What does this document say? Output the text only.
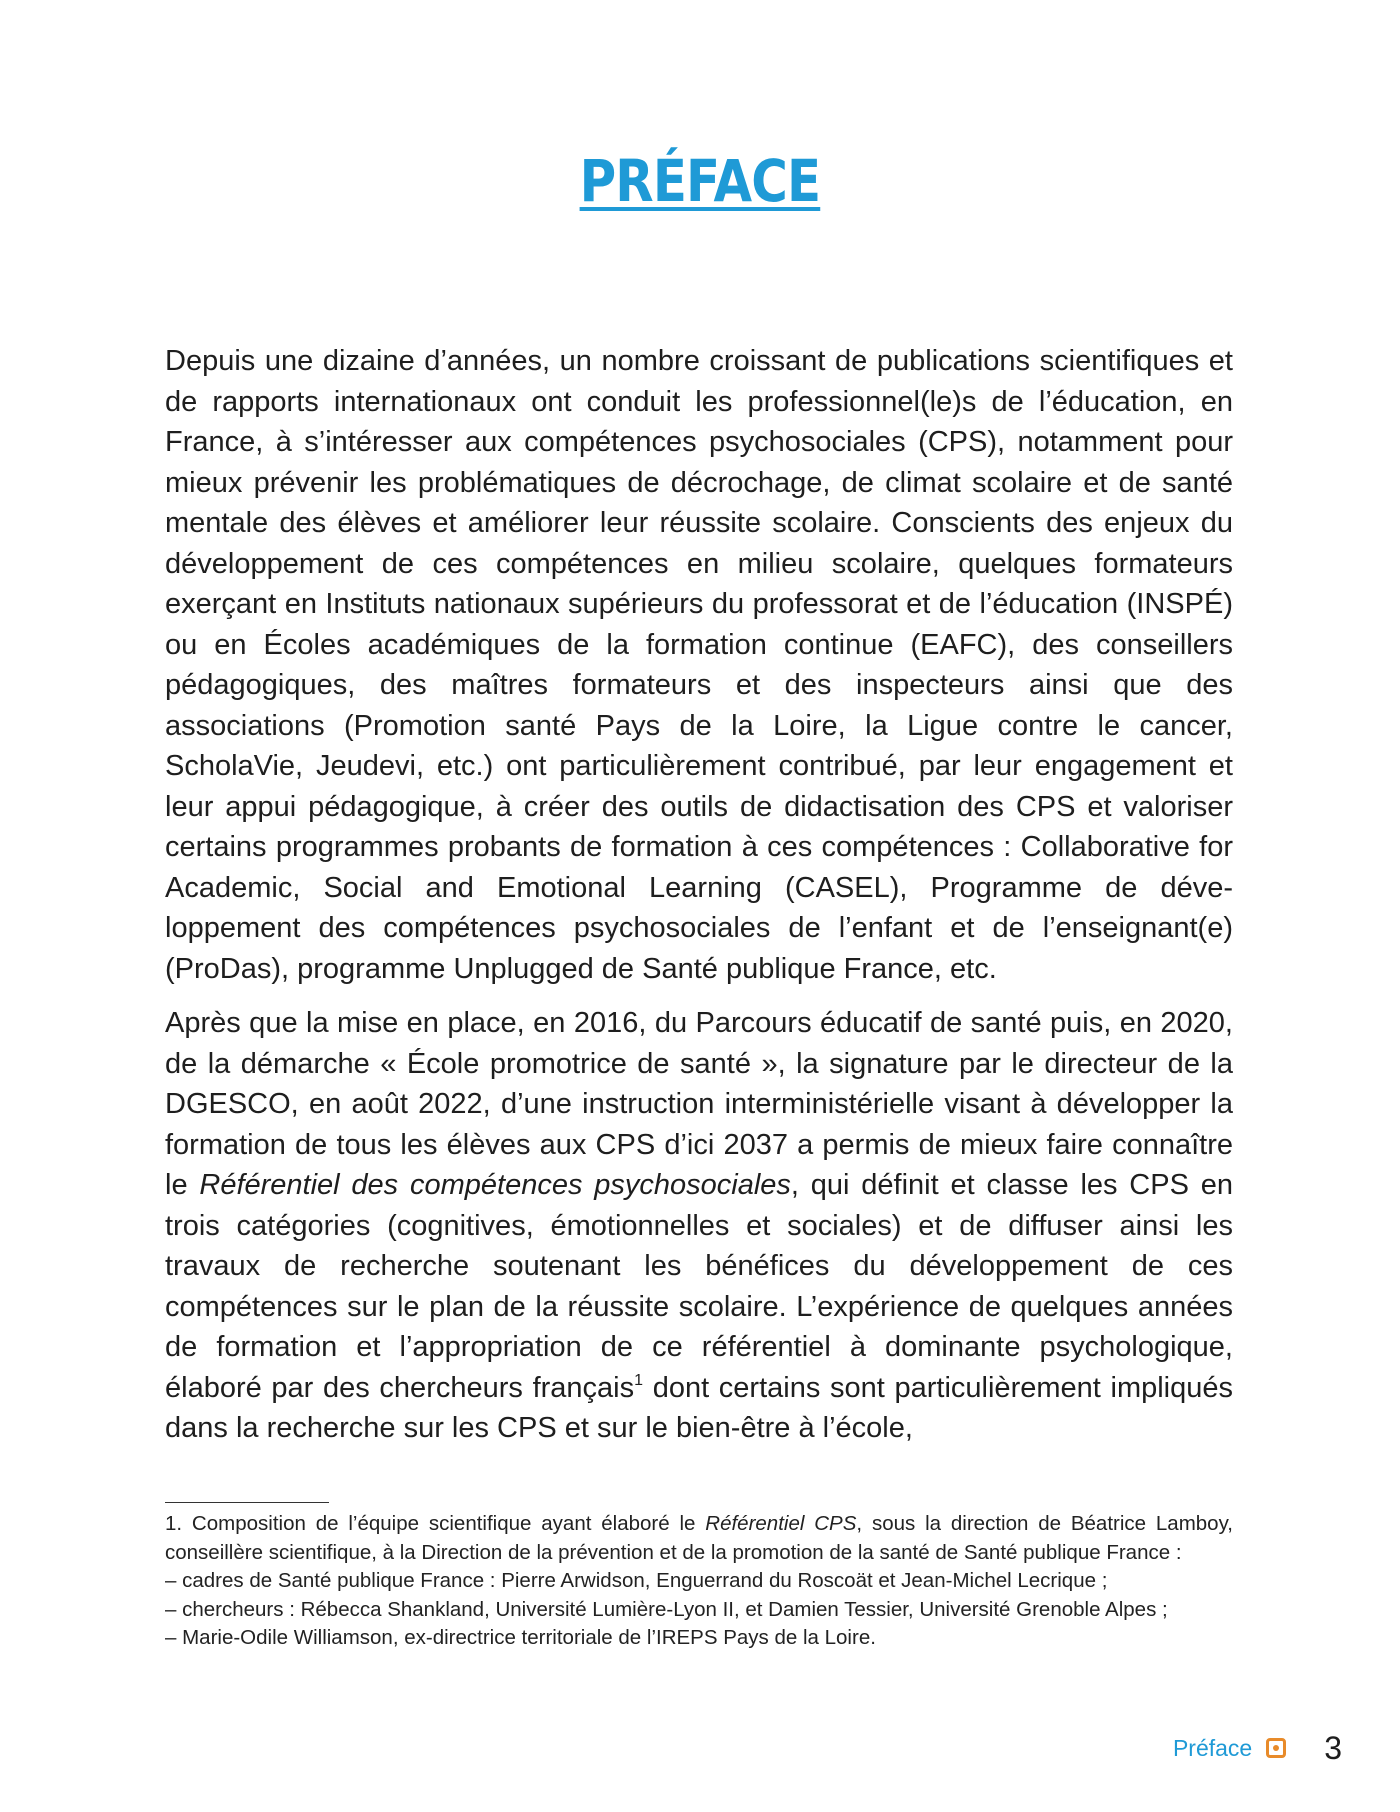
PRÉFACE

Depuis une dizaine d’années, un nombre croissant de publications scientifiques et de rapports internationaux ont conduit les professionnel(le)s de l’éducation, en France, à s’intéresser aux compétences psychosociales (CPS), notamment pour mieux prévenir les problématiques de décrochage, de climat scolaire et de santé mentale des élèves et améliorer leur réussite scolaire. Conscients des enjeux du développement de ces compétences en milieu scolaire, quelques formateurs exerçant en Instituts nationaux supérieurs du professorat et de l’éducation (INSPÉ) ou en Écoles académiques de la formation continue (EAFC), des conseillers pédagogiques, des maîtres formateurs et des inspecteurs ainsi que des associations (Promotion santé Pays de la Loire, la Ligue contre le cancer, ScholaVie, Jeudevi, etc.) ont particulièrement contribué, par leur engagement et leur appui pédagogique, à créer des outils de didactisation des CPS et valoriser certains programmes probants de formation à ces compétences : Collaborative for Academic, Social and Emotional Learning (CASEL), Programme de développement des compétences psychosociales de l’enfant et de l’enseignant(e) (ProDas), programme Unplugged de Santé publique France, etc.

Après que la mise en place, en 2016, du Parcours éducatif de santé puis, en 2020, de la démarche « École promotrice de santé », la signature par le directeur de la DGESCO, en août 2022, d’une instruction interministérielle visant à développer la formation de tous les élèves aux CPS d’ici 2037 a permis de mieux faire connaître le Référentiel des compétences psychosociales, qui définit et classe les CPS en trois catégories (cognitives, émotionnelles et sociales) et de diffuser ainsi les travaux de recherche soutenant les bénéfices du développement de ces compétences sur le plan de la réussite scolaire. L’expérience de quelques années de formation et l’appropriation de ce référentiel à dominante psychologique, élaboré par des chercheurs français$^1$ dont certains sont particulièrement impliqués dans la recherche sur les CPS et sur le bien-être à l’école,

1. Composition de l’équipe scientifique ayant élaboré le Référentiel CPS, sous la direction de Béatrice Lamboy, conseillère scientifique, à la Direction de la prévention et de la promotion de la santé de Santé publique France :

– cadres de Santé publique France : Pierre Arwidson, Enguerrand du Roscoät et Jean-Michel Lecrique ;
– chercheurs : Rébecca Shankland, Université Lumière-Lyon II, et Damien Tessier, Université Grenoble Alpes ;
– Marie-Odile Williamson, ex-directrice territoriale de l’IREPS Pays de la Loire.
Préface 3
